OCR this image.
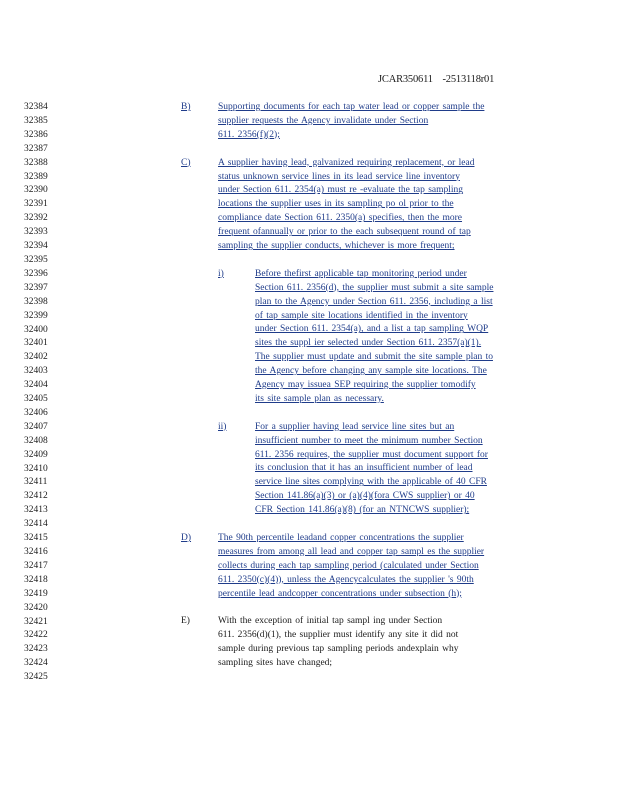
JCAR350611 -2513118r01
32384
32385
32386
32387
32388
32389
32390
32391
32392
32393
32394
32395
32396
32397
32398
32399
32400
32401
32402
32403
32404
32405
32406
32407
32408
32409
32410
32411
32412
32413
32414
32415
32416
32417
32418
32419
32420
32421
32422
32423
32424
32425
B)	Supporting documents for each tap water lead or copper sample the
supplier requests the Agency invalidate under Section
611. 2356(f)(2);
C)	A supplier having lead, galvanized requiring replacement, or lead
status unknown service lines in its lead service line inventory
under Section 611. 2354(a) must re -evaluate the tap sampling
locations the supplier uses in its sampling po ol prior to the
compliance date Section 611. 2350(a) specifies, then the more
frequent ofannually or prior to the each subsequent round of tap
sampling the supplier conducts, whichever is more frequent;
i)	Before thefirst applicable tap monitoring period under
Section 611. 2356(d), the supplier must submit a site sample
plan to the Agency under Section 611. 2356, including a list
of tap sample site locations identified in the inventory
under Section 611. 2354(a), and a list a tap sampling WQP
sites the suppl ier selected under Section 611. 2357(a)(1).
The supplier must update and submit the site sample plan to
the Agency before changing any sample site locations. The
Agency may issuea SEP requiring the supplier tomodify
its site sample plan as necessary.
ii)	For a supplier having lead service line sites but an
insufficient number to meet the minimum number Section
611. 2356 requires, the supplier must document support for
its conclusion that it has an insufficient number of lead
service line sites complying with the applicable of 40 CFR
Section 141.86(a)(3) or (a)(4)(fora CWS supplier) or 40
CFR Section 141.86(a)(8) (for an NTNCWS supplier);
D)	The 90th percentile leadand copper concentrations the supplier
measures from among all lead and copper tap sampl es the supplier
collects during each tap sampling period (calculated under Section
611. 2350(c)(4)), unless the Agencycalculates the supplier 's 90th
percentile lead andcopper concentrations under subsection (h);
E)	With the exception of initial tap sampl ing under Section
611. 2356(d)(1), the supplier must identify any site it did not
sample during previous tap sampling periods andexplain why
sampling sites have changed;
